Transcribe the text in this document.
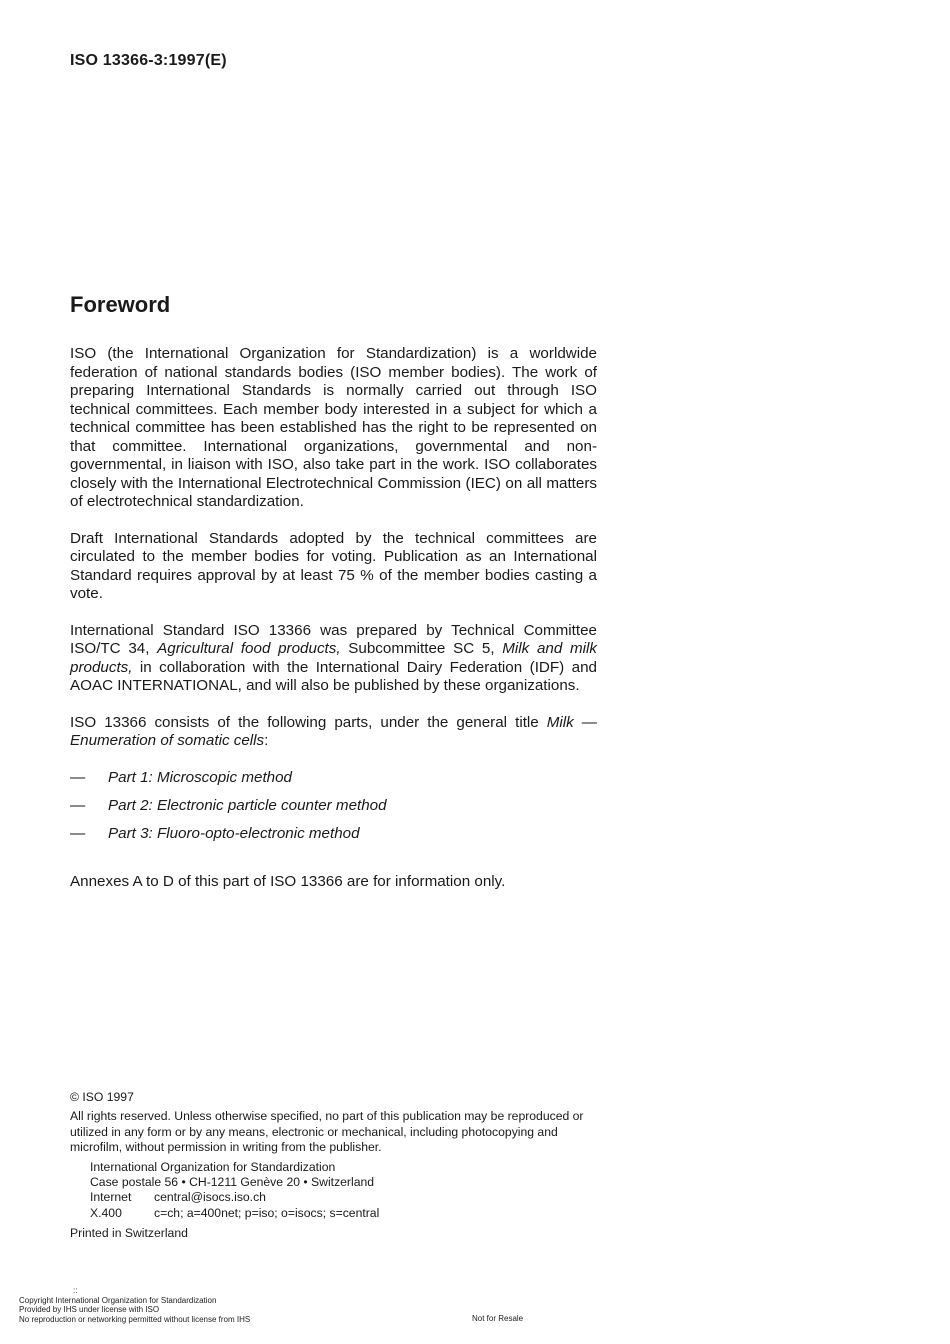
ISO 13366-3:1997(E)
Foreword

ISO (the International Organization for Standardization) is a worldwide federation of national standards bodies (ISO member bodies). The work of preparing International Standards is normally carried out through ISO technical committees. Each member body interested in a subject for which a technical committee has been established has the right to be represented on that committee. International organizations, governmental and non-governmental, in liaison with ISO, also take part in the work. ISO collaborates closely with the International Electrotechnical Commission (IEC) on all matters of electrotechnical standardization.

Draft International Standards adopted by the technical committees are circulated to the member bodies for voting. Publication as an International Standard requires approval by at least 75 % of the member bodies casting a vote.

International Standard ISO 13366 was prepared by Technical Committee ISO/TC 34, Agricultural food products, Subcommittee SC 5, Milk and milk products, in collaboration with the International Dairy Federation (IDF) and AOAC INTERNATIONAL, and will also be published by these organizations.

ISO 13366 consists of the following parts, under the general title Milk — Enumeration of somatic cells:

—	Part 1: Microscopic method
—	Part 2: Electronic particle counter method
—	Part 3: Fluoro-opto-electronic method

Annexes A to D of this part of ISO 13366 are for information only.

© ISO 1997
All rights reserved. Unless otherwise specified, no part of this publication may be reproduced or utilized in any form or by any means, electronic or mechanical, including photocopying and microfilm, without permission in writing from the publisher.
International Organization for Standardization
Case postale 56 • CH-1211 Genève 20 • Switzerland
Internet	central@isocs.iso.ch
X.400	c=ch; a=400net; p=iso; o=isocs; s=central
Printed in Switzerland
::
Copyright International Organization for Standardization
Provided by IHS under license with ISO
No reproduction or networking permitted without license from IHS	Not for Resale
